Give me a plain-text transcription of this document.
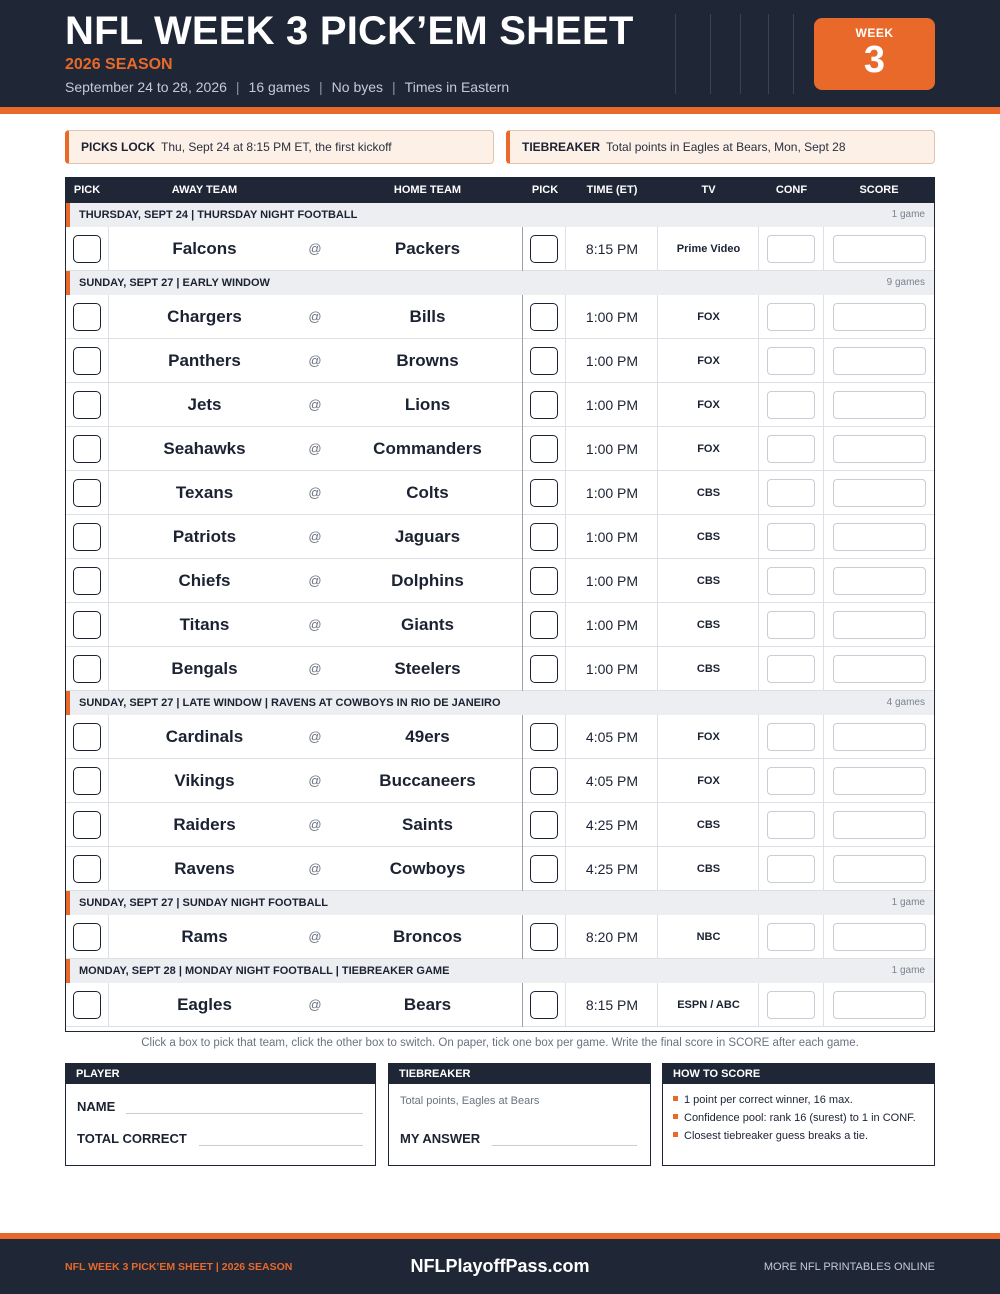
NFL WEEK 3 PICK’EM SHEET
2026 SEASON
September 24 to 28, 2026 | 16 games | No byes | Times in Eastern
WEEK
3
PICKS LOCK Thu, Sept 24 at 8:15 PM ET, the first kickoff	TIEBREAKER Total points in Eagles at Bears, Mon, Sept 28
PICK	AWAY TEAM	HOME TEAM	PICK	TIME (ET)	TV	CONF	SCORE
THURSDAY, SEPT 24 | THURSDAY NIGHT FOOTBALL	1 game
Falcons	@	Packers	8:15 PM	Prime Video
SUNDAY, SEPT 27 | EARLY WINDOW	9 games
Chargers	@	Bills	1:00 PM	FOX
Panthers	@	Browns	1:00 PM	FOX
Jets	@	Lions	1:00 PM	FOX
Seahawks	@	Commanders	1:00 PM	FOX
Texans	@	Colts	1:00 PM	CBS
Patriots	@	Jaguars	1:00 PM	CBS
Chiefs	@	Dolphins	1:00 PM	CBS
Titans	@	Giants	1:00 PM	CBS
Bengals	@	Steelers	1:00 PM	CBS
SUNDAY, SEPT 27 | LATE WINDOW | RAVENS AT COWBOYS IN RIO DE JANEIRO	4 games
Cardinals	@	49ers	4:05 PM	FOX
Vikings	@	Buccaneers	4:05 PM	FOX
Raiders	@	Saints	4:25 PM	CBS
Ravens	@	Cowboys	4:25 PM	CBS
SUNDAY, SEPT 27 | SUNDAY NIGHT FOOTBALL	1 game
Rams	@	Broncos	8:20 PM	NBC
MONDAY, SEPT 28 | MONDAY NIGHT FOOTBALL | TIEBREAKER GAME	1 game
Eagles	@	Bears	8:15 PM	ESPN / ABC
Click a box to pick that team, click the other box to switch. On paper, tick one box per game. Write the final score in SCORE after each game.
PLAYER
NAME
TOTAL CORRECT
TIEBREAKER
Total points, Eagles at Bears
MY ANSWER
HOW TO SCORE
1 point per correct winner, 16 max.
Confidence pool: rank 16 (surest) to 1 in CONF.
Closest tiebreaker guess breaks a tie.
NFL WEEK 3 PICK’EM SHEET | 2026 SEASON	NFLPlayoffPass.com	MORE NFL PRINTABLES ONLINE
